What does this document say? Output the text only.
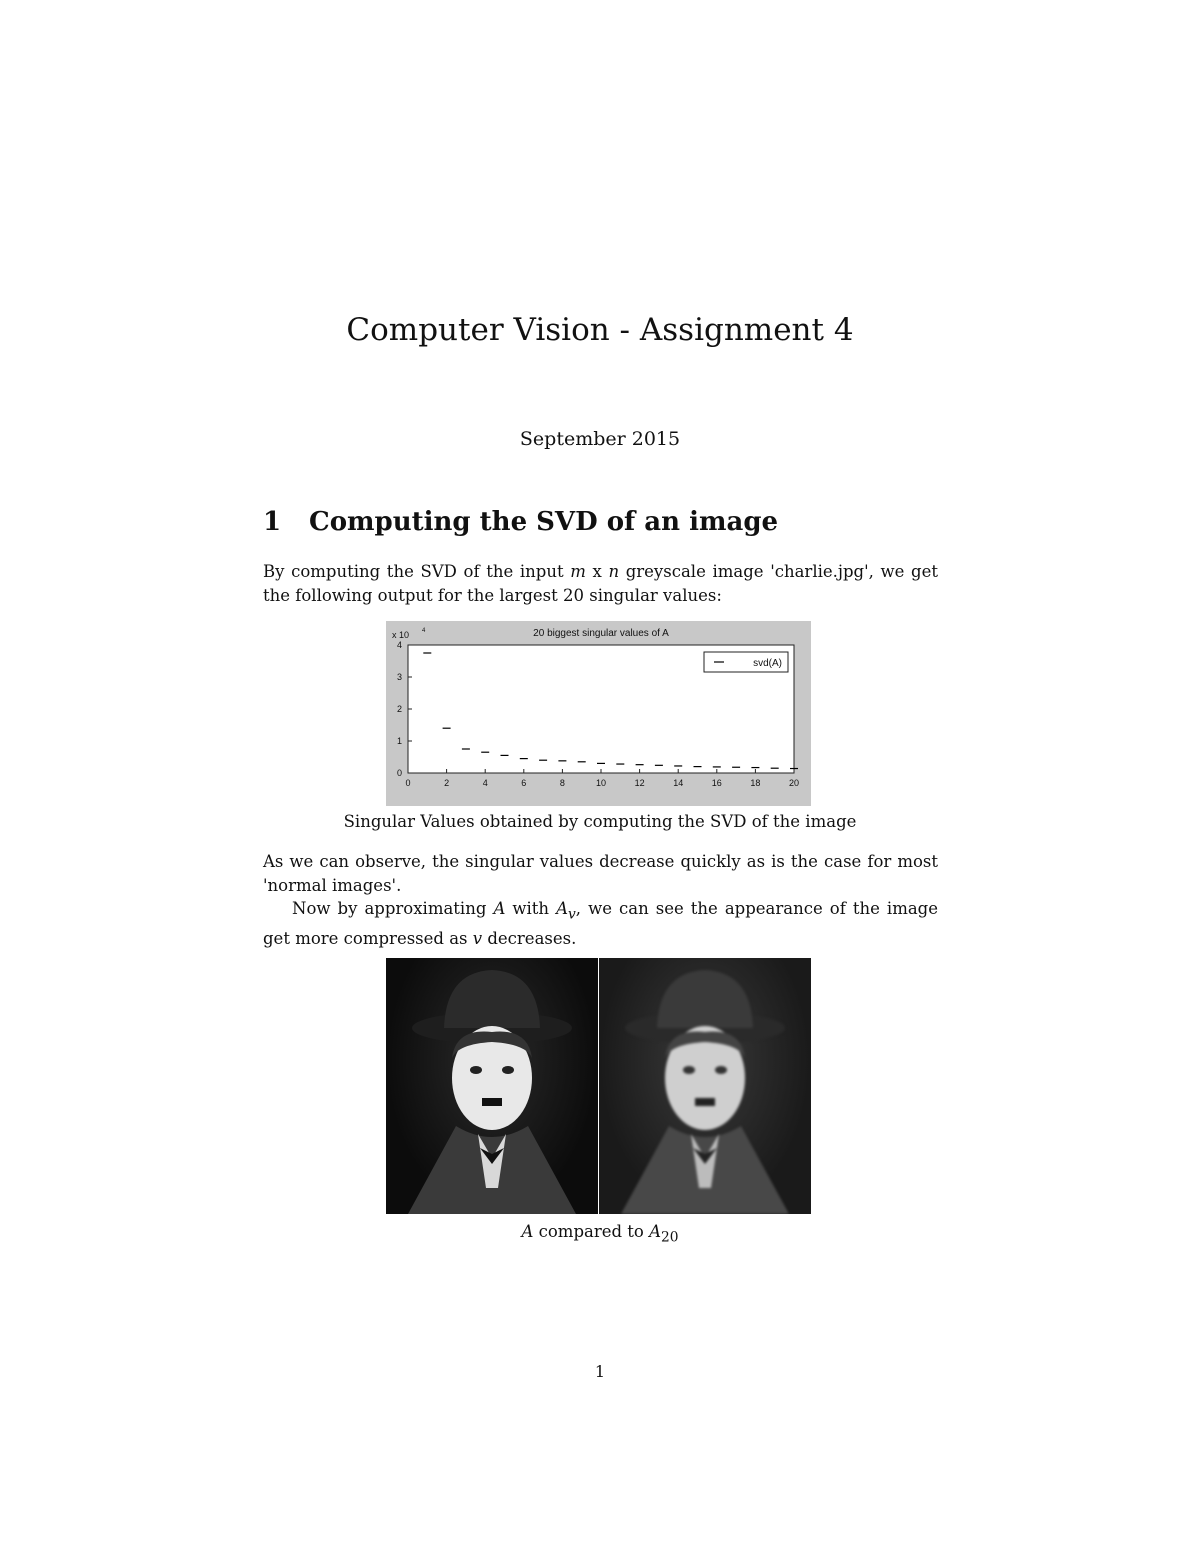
Computer Vision - Assignment 4
September 2015
1 Computing the SVD of an image

By computing the SVD of the input m x n greyscale image 'charlie.jpg', we get the following output for the largest 20 singular values:

20 biggest singular values of A
x 10 4
0	2	4	6	8	10	12	14	16	18	20
0
1
2
3
4
svd(A)
Singular Values obtained by computing the SVD of the image

As we can observe, the singular values decrease quickly as is the case for most 'normal images'.

Now by approximating A with $A_v$, we can see the appearance of the image get more compressed as v decreases.

A compared to $A_{20}$
1
